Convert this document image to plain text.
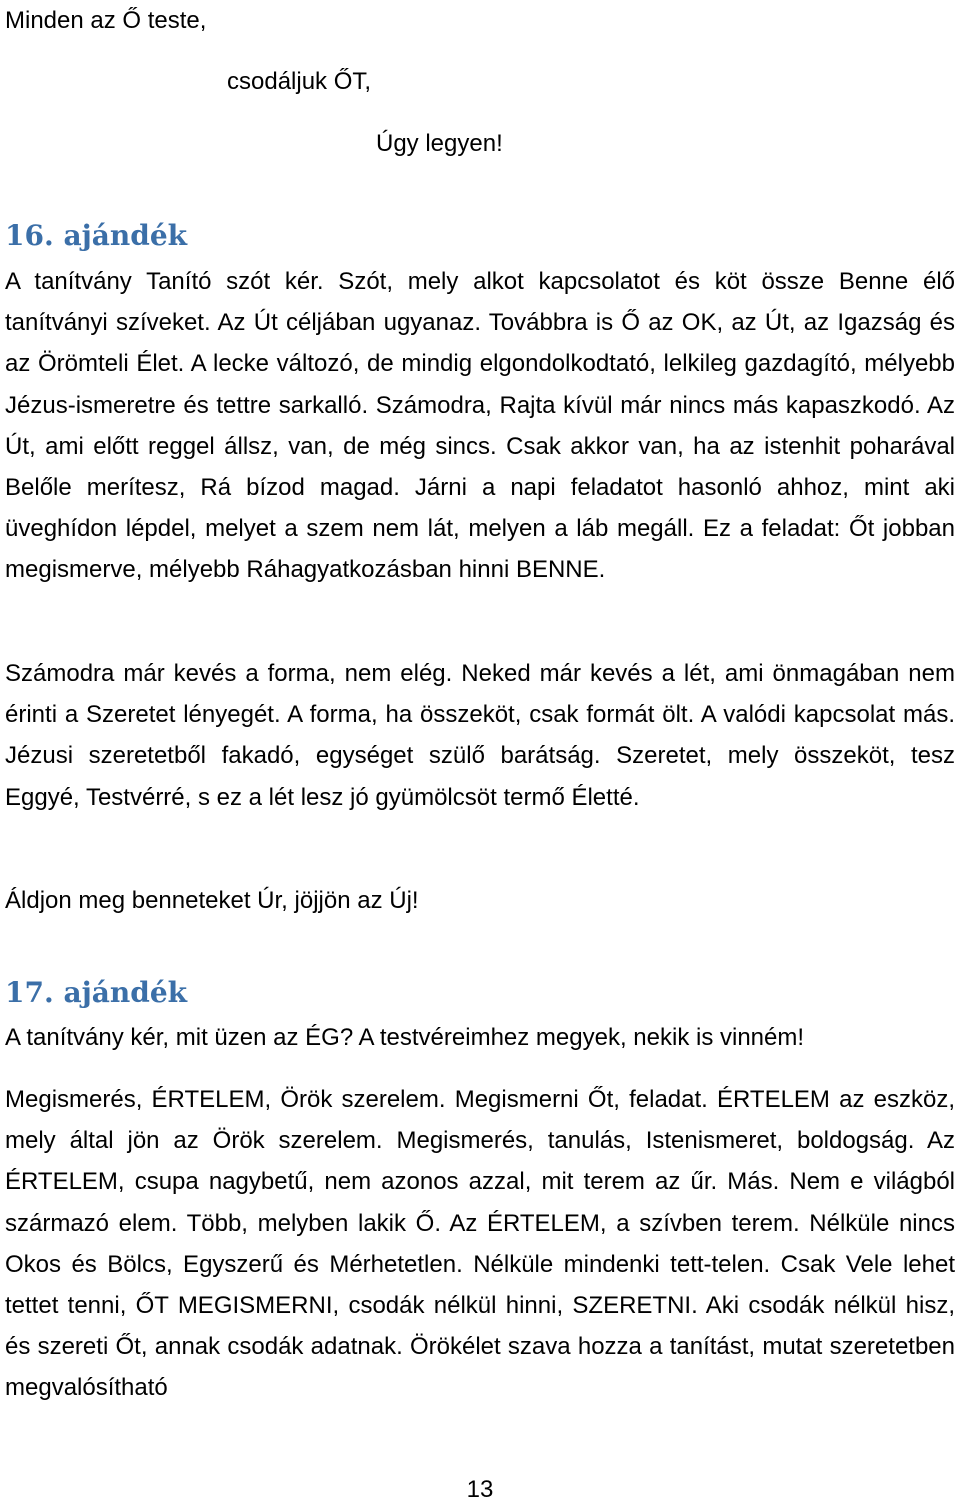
Minden az Ő teste,

csodáljuk ŐT,

Úgy legyen!

16. ajándék

A tanítvány Tanító szót kér. Szót, mely alkot kapcsolatot és köt össze Benne élő tanítványi szíveket. Az Út céljában ugyanaz. Továbbra is Ő az OK, az Út, az Igazság és az Örömteli Élet. A lecke változó, de mindig elgondolkodtató, lelkileg gazdagító, mélyebb Jézus-ismeretre és tettre sarkalló. Számodra, Rajta kívül már nincs más kapaszkodó. Az Út, ami előtt reggel állsz, van, de még sincs. Csak akkor van, ha az istenhit poharával Belőle merítesz, Rá bízod magad. Járni a napi feladatot hasonló ahhoz, mint aki üveghídon lépdel, melyet a szem nem lát, melyen a láb megáll. Ez a feladat: Őt jobban megismerve, mélyebb Ráhagyatkozásban hinni BENNE.

Számodra már kevés a forma, nem elég. Neked már kevés a lét, ami önmagában nem érinti a Szeretet lényegét. A forma, ha összeköt, csak formát ölt. A valódi kapcsolat más. Jézusi szeretetből fakadó, egységet szülő barátság. Szeretet, mely összeköt, tesz Eggyé, Testvérré, s ez a lét lesz jó gyümölcsöt termő Életté.

Áldjon meg benneteket Úr, jöjjön az Új!

17. ajándék

A tanítvány kér, mit üzen az ÉG? A testvéreimhez megyek, nekik is vinném!

Megismerés, ÉRTELEM, Örök szerelem. Megismerni Őt, feladat. ÉRTELEM az eszköz, mely által jön az Örök szerelem. Megismerés, tanulás, Istenismeret, boldogság. Az ÉRTELEM, csupa nagybetű, nem azonos azzal, mit terem az űr. Más. Nem e világból származó elem. Több, melyben lakik Ő. Az ÉRTELEM, a szívben terem. Nélküle nincs Okos és Bölcs, Egyszerű és Mérhetetlen. Nélküle mindenki tett-telen. Csak Vele lehet tettet tenni, ŐT MEGISMERNI, csodák nélkül hinni, SZERETNI. Aki csodák nélkül hisz, és szereti Őt, annak csodák adatnak. Örökélet szava hozza a tanítást, mutat szeretetben megvalósítható

13
